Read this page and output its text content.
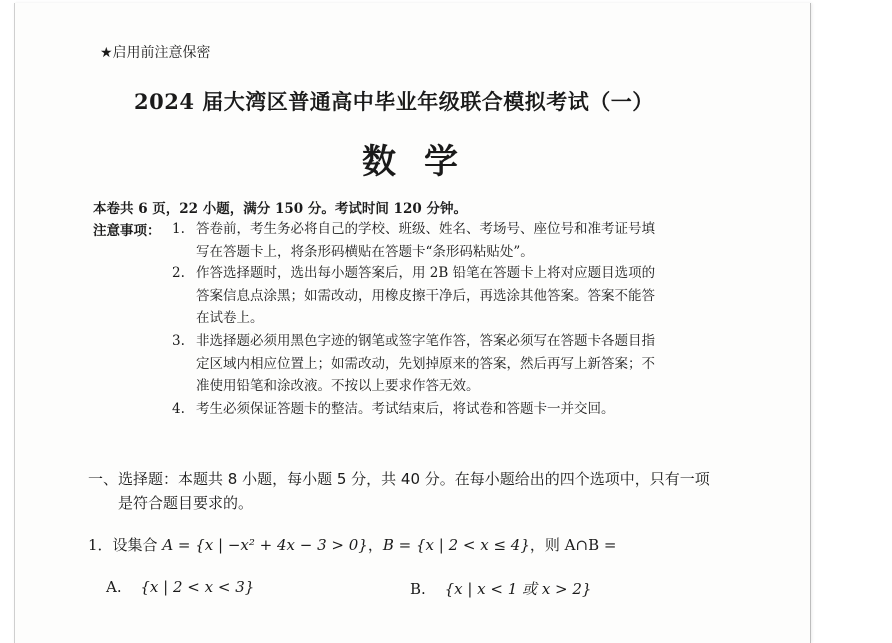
★启用前注意保密
2024 届大湾区普通高中毕业年级联合模拟考试（一）
数学
本卷共 6 页，22 小题，满分 150 分。考试时间 120 分钟。
注意事项： 1. 答卷前，考生务必将自己的学校、班级、姓名、考场号、座位号和准考证号填
写在答题卡上，将条形码横贴在答题卡“条形码粘贴处”。
2. 作答选择题时，选出每小题答案后，用 2B 铅笔在答题卡上将对应题目选项的
答案信息点涂黑；如需改动，用橡皮擦干净后，再选涂其他答案。答案不能答
在试卷上。
3. 非选择题必须用黑色字迹的钢笔或签字笔作答，答案必须写在答题卡各题目指
定区域内相应位置上；如需改动，先划掉原来的答案，然后再写上新答案；不
准使用铅笔和涂改液。不按以上要求作答无效。
4. 考生必须保证答题卡的整洁。考试结束后，将试卷和答题卡一并交回。
一、选择题：本题共 8 小题，每小题 5 分，共 40 分。在每小题给出的四个选项中，只有一项
是符合题目要求的。
1．设集合 A = {x | −x² + 4x − 3 > 0}，B = {x | 2 < x ≤ 4}，则 A∩B =
A. {x | 2 < x < 3}	B. {x | x < 1 或 x > 2}
